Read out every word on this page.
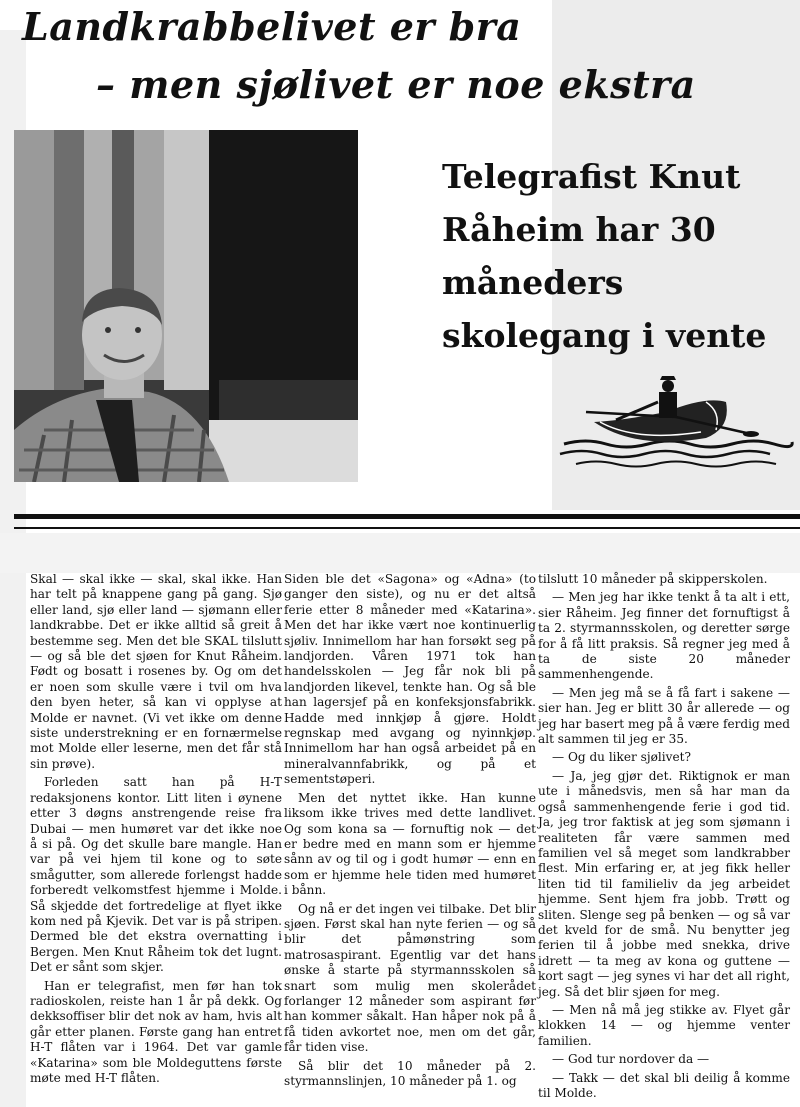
Landkrabbelivet er bra
– men sjølivet er noe ekstra
Telegrafist Knut Råheim har 30 måneders skolegang i vente

Skal — skal ikke — skal, skal ikke. Han har telt på knappene gang på gang. Sjø eller land, sjø eller land — sjømann eller landkrabbe. Det er ikke alltid så greit å bestemme seg. Men det ble SKAL tilslutt — og så ble det sjøen for Knut Råheim. Født og bosatt i rosenes by. Og om det er noen som skulle være i tvil om hva den byen heter, så kan vi opplyse at Molde er navnet. (Vi vet ikke om denne siste understrekning er en fornærmelse mot Molde eller leserne, men det får stå sin prøve).

Forleden satt han på H-T redaksjonens kontor. Litt liten i øynene etter 3 døgns anstrengende reise fra Dubai — men humøret var det ikke noe å si på. Og det skulle bare mangle. Han var på vei hjem til kone og to søte smågutter, som allerede forlengst hadde forberedt velkomstfest hjemme i Molde. Så skjedde det fortredelige at flyet ikke kom ned på Kjevik. Det var is på stripen. Dermed ble det ekstra overnatting i Bergen. Men Knut Råheim tok det lugnt. Det er sånt som skjer.

Han er telegrafist, men før han tok radioskolen, reiste han 1 år på dekk. Og dekksoffiser blir det nok av ham, hvis alt går etter planen. Første gang han entret H-T flåten var i 1964. Det var gamle «Katarina» som ble Moldeguttens første møte med H-T flåten.

Siden ble det «Sagona» og «Adna» (to ganger den siste), og nu er det altså ferie etter 8 måneder med «Katarina». Men det har ikke vært noe kontinuerlig sjøliv. Innimellom har han forsøkt seg på landjorden. Våren 1971 tok han handelsskolen — Jeg får nok bli på landjorden likevel, tenkte han. Og så ble han lagersjef på en konfeksjonsfabrikk. Hadde med innkjøp å gjøre. Holdt regnskap med avgang og nyinnkjøp. Innimellom har han også arbeidet på en mineralvannfabrikk, og på et sementstøperi.

Men det nyttet ikke. Han kunne liksom ikke trives med dette landlivet. Og som kona sa — fornuftig nok — det er bedre med en mann som er hjemme sånn av og til og i godt humør — enn en som er hjemme hele tiden med humøret i bånn.

Og nå er det ingen vei tilbake. Det blir sjøen. Først skal han nyte ferien — og så blir det påmønstring som matrosaspirant. Egentlig var det hans ønske å starte på styrmannsskolen så snart som mulig men skolerådet forlanger 12 måneder som aspirant før han kommer såkalt. Han håper nok på å få tiden avkortet noe, men om det går, får tiden vise.

Så blir det 10 måneder på 2. styrmannslinjen, 10 måneder på 1. og

tilslutt 10 måneder på skipperskolen.

— Men jeg har ikke tenkt å ta alt i ett, sier Råheim. Jeg finner det fornuftigst å ta 2. styrmannsskolen, og deretter sørge for å få litt praksis. Så regner jeg med å ta de siste 20 måneder sammenhengende.

— Men jeg må se å få fart i sakene — sier han. Jeg er blitt 30 år allerede — og jeg har basert meg på å være ferdig med alt sammen til jeg er 35.

— Og du liker sjølivet?

— Ja, jeg gjør det. Riktignok er man ute i månedsvis, men så har man da også sammenhengende ferie i god tid. Ja, jeg tror faktisk at jeg som sjømann i realiteten får være sammen med familien vel så meget som landkrabber flest. Min erfaring er, at jeg fikk heller liten tid til familieliv da jeg arbeidet hjemme. Sent hjem fra jobb. Trøtt og sliten. Slenge seg på benken — og så var det kveld for de små. Nu benytter jeg ferien til å jobbe med snekka, drive idrett — ta meg av kona og guttene — kort sagt — jeg synes vi har det all right, jeg. Så det blir sjøen for meg.

— Men nå må jeg stikke av. Flyet går klokken 14 — og hjemme venter familien.

— God tur nordover da —

— Takk — det skal bli deilig å komme til Molde.
